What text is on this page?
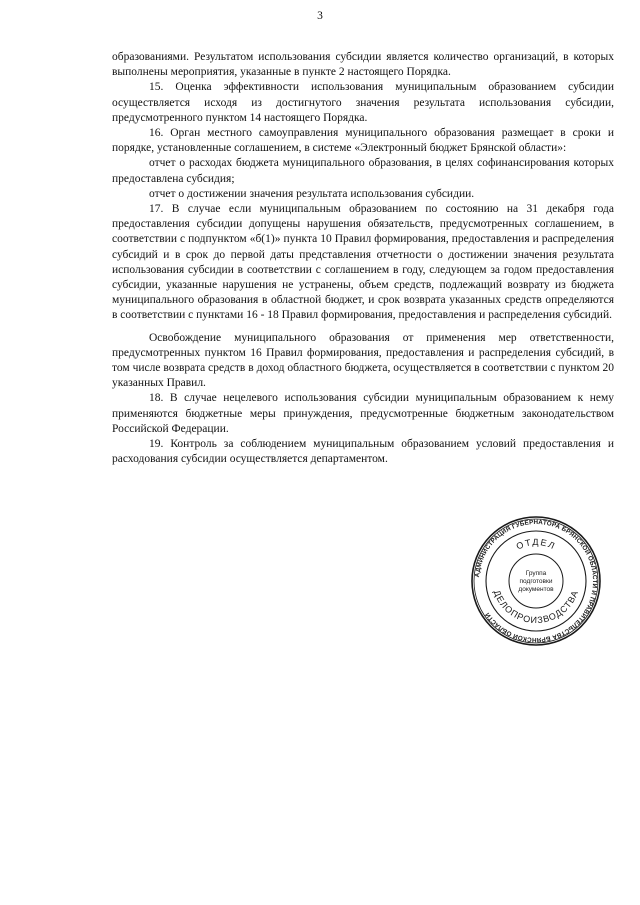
3

образованиями. Результатом использования субсидии является количество организаций, в которых выполнены мероприятия, указанные в пункте 2 настоящего Порядка.

15. Оценка эффективности использования муниципальным образованием субсидии осуществляется исходя из достигнутого значения результата использования субсидии, предусмотренного пунктом 14 настоящего Порядка.

16. Орган местного самоуправления муниципального образования размещает в сроки и порядке, установленные соглашением, в системе «Электронный бюджет Брянской области»:

отчет о расходах бюджета муниципального образования, в целях софинансирования которых предоставлена субсидия;

отчет о достижении значения результата использования субсидии.

17. В случае если муниципальным образованием по состоянию на 31 декабря года предоставления субсидии допущены нарушения обязательств, предусмотренных соглашением, в соответствии с подпунктом «б(1)» пункта 10 Правил формирования, предоставления и распределения субсидий и в срок до первой даты представления отчетности о достижении значения результата использования субсидии в соответствии с соглашением в году, следующем за годом предоставления субсидии, указанные нарушения не устранены, объем средств, подлежащий возврату из бюджета муниципального образования в областной бюджет, и срок возврата указанных средств определяются в соответствии с пунктами 16 - 18 Правил формирования, предоставления и распределения субсидий.

Освобождение муниципального образования от применения мер ответственности, предусмотренных пунктом 16 Правил формирования, предоставления и распределения субсидий, в том числе возврата средств в доход областного бюджета, осуществляется в соответствии с пунктом 20 указанных Правил.

18. В случае нецелевого использования субсидии муниципальным образованием к нему применяются бюджетные меры принуждения, предусмотренные бюджетным законодательством Российской Федерации.

19. Контроль за соблюдением муниципальным образованием условий предоставления и расходования субсидии осуществляется департаментом.

АДМИНИСТРАЦИЯ ГУБЕРНАТОРА БРЯНСКОЙ ОБЛАСТИ И ПРАВИТЕЛЬСТВА БРЯНСКОЙ ОБЛАСТИ
ОТДЕЛ
ДЕЛОПРОИЗВОДСТВА
Группа
подготовки
документов
